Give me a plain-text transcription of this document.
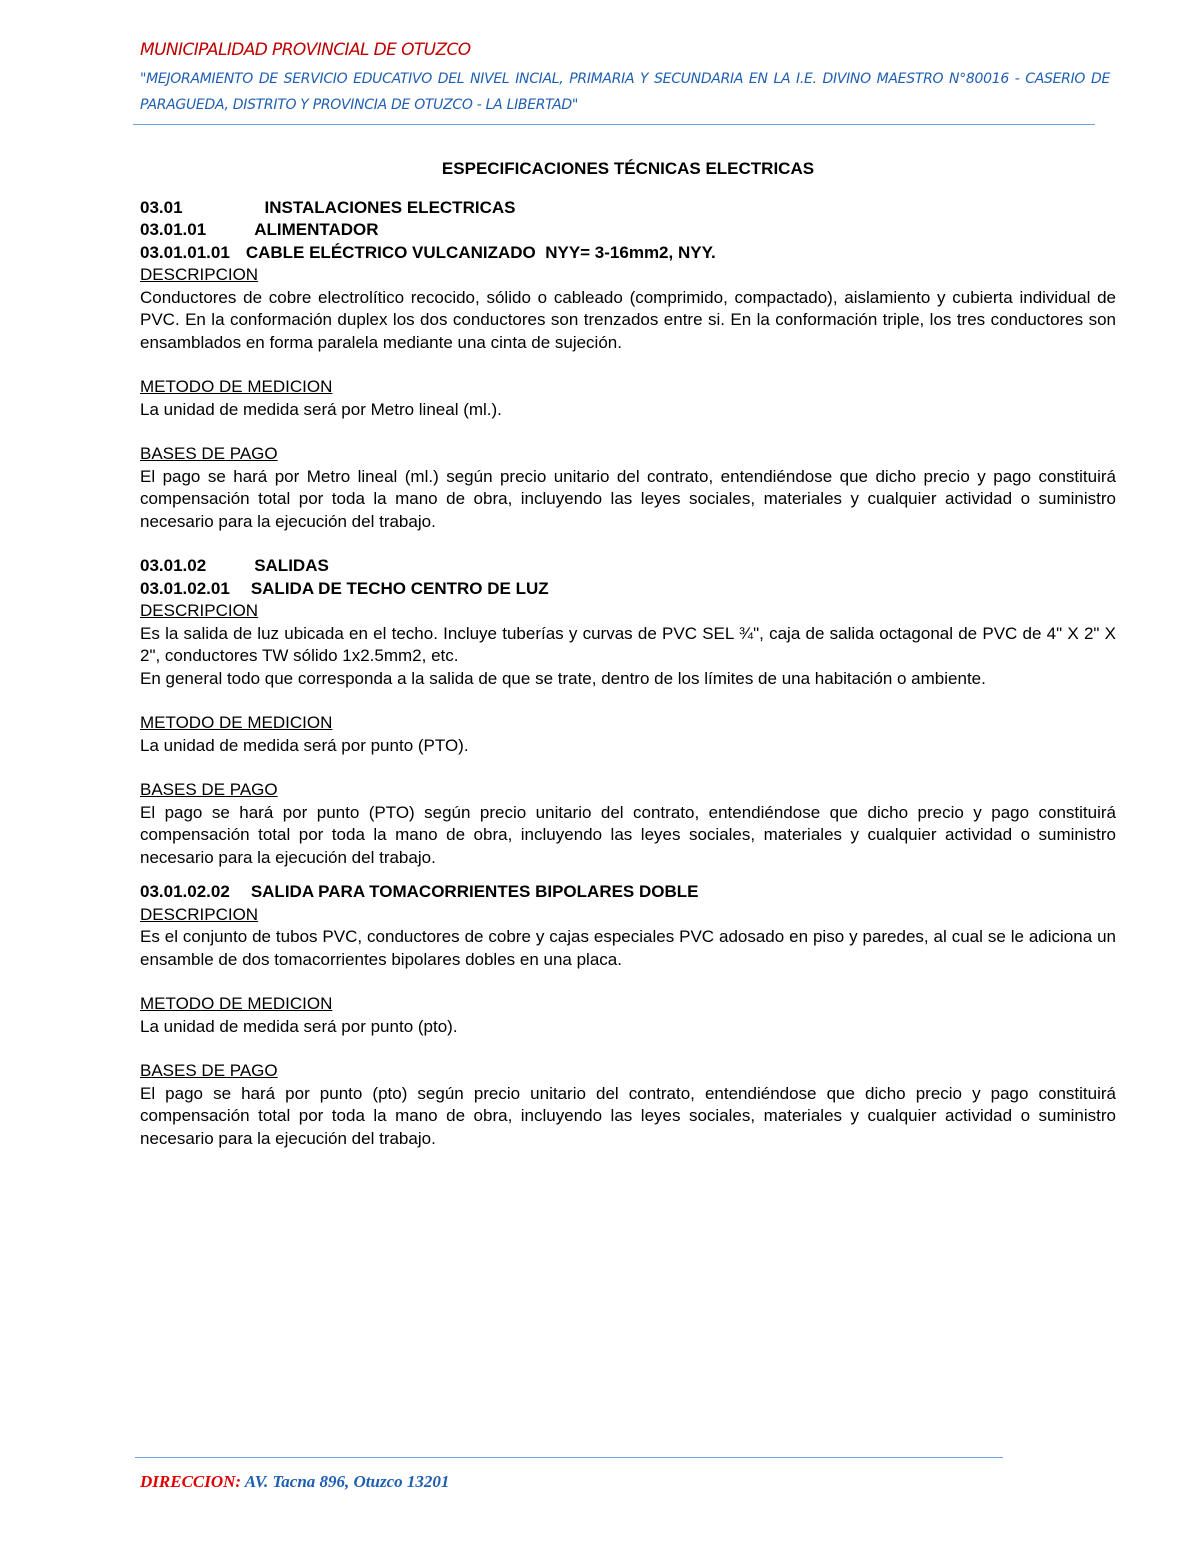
MUNICIPALIDAD PROVINCIAL DE OTUZCO
"MEJORAMIENTO DE SERVICIO EDUCATIVO DEL NIVEL INCIAL, PRIMARIA Y SECUNDARIA EN LA I.E. DIVINO MAESTRO N°80016 - CASERIO DE PARAGUEDA, DISTRITO Y PROVINCIA DE OTUZCO - LA LIBERTAD"
ESPECIFICACIONES TÉCNICAS ELECTRICAS
03.01	INSTALACIONES ELECTRICAS
03.01.01	ALIMENTADOR
03.01.01.01 CABLE ELÉCTRICO VULCANIZADO  NYY= 3-16mm2, NYY.
DESCRIPCION
Conductores de cobre electrolítico recocido, sólido o cableado (comprimido, compactado), aislamiento y cubierta individual de PVC. En la conformación duplex los dos conductores son trenzados entre si. En la conformación triple, los tres conductores son ensamblados en forma paralela mediante una cinta de sujeción.
METODO DE MEDICION
La unidad de medida será por Metro lineal (ml.).
BASES DE PAGO
El pago se hará por Metro lineal (ml.) según precio unitario del contrato, entendiéndose que dicho precio y pago constituirá compensación total por toda la mano de obra, incluyendo las leyes sociales, materiales y cualquier actividad o suministro necesario para la ejecución del trabajo.
03.01.02	SALIDAS
03.01.02.01 SALIDA DE TECHO CENTRO DE LUZ
DESCRIPCION
Es la salida de luz ubicada en el techo. Incluye tuberías y curvas de PVC SEL ¾", caja de salida octagonal de PVC de 4" X 2" X 2", conductores TW sólido 1x2.5mm2, etc.
En general todo que corresponda a la salida de que se trate, dentro de los límites de una habitación o ambiente.
METODO DE MEDICION
La unidad de medida será por punto (PTO).
BASES DE PAGO
El pago se hará por punto (PTO) según precio unitario del contrato, entendiéndose que dicho precio y pago constituirá compensación total por toda la mano de obra, incluyendo las leyes sociales, materiales y cualquier actividad o suministro necesario para la ejecución del trabajo.
03.01.02.02 SALIDA PARA TOMACORRIENTES BIPOLARES DOBLE
DESCRIPCION
Es el conjunto de tubos PVC, conductores de cobre y cajas especiales PVC adosado en piso y paredes, al cual se le adiciona un ensamble de dos tomacorrientes bipolares dobles en una placa.
METODO DE MEDICION
La unidad de medida será por punto (pto).
BASES DE PAGO
El pago se hará por punto (pto) según precio unitario del contrato, entendiéndose que dicho precio y pago constituirá compensación total por toda la mano de obra, incluyendo las leyes sociales, materiales y cualquier actividad o suministro necesario para la ejecución del trabajo.
DIRECCION: AV. Tacna 896, Otuzco 13201
